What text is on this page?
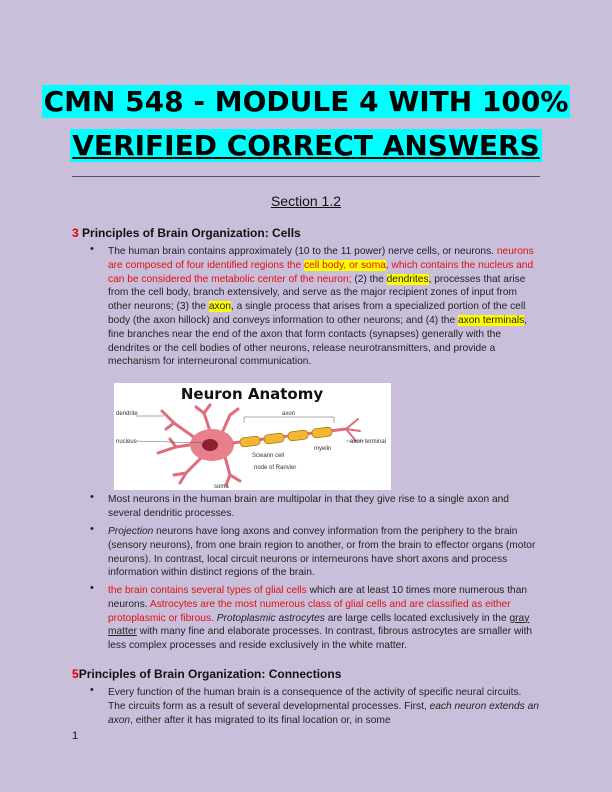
CMN 548 - MODULE 4 WITH 100%
VERIFIED CORRECT ANSWERS
Section 1.2
3 Principles of Brain Organization: Cells
•	The human brain contains approximately (10 to the 11 power) nerve cells, or neurons. neurons are composed of four identified regions the cell body, or soma, which contains the nucleus and can be considered the metabolic center of the neuron; (2) the dendrites, processes that arise from the cell body, branch extensively, and serve as the major recipient zones of input from other neurons; (3) the axon, a single process that arises from a specialized portion of the cell body (the axon hillock) and conveys information to other neurons; and (4) the axon terminals, fine branches near the end of the axon that form contacts (synapses) generally with the dendrites or the cell bodies of other neurons, release neurotransmitters, and provide a mechanism for interneuronal communication.
Neuron Anatomy
dendrite
nucleus
axon
myelin
axon terminal
Scwann cell
node of Ranvier
soma
•	Most neurons in the human brain are multipolar in that they give rise to a single axon and several dendritic processes.
•	Projection neurons have long axons and convey information from the periphery to the brain (sensory neurons), from one brain region to another, or from the brain to effector organs (motor neurons). In contrast, local circuit neurons or interneurons have short axons and process information within distinct regions of the brain.
•	the brain contains several types of glial cells which are at least 10 times more numerous than neurons. Astrocytes are the most numerous class of glial cells and are classified as either protoplasmic or fibrous. Protoplasmic astrocytes are large cells located exclusively in the gray matter with many fine and elaborate processes. In contrast, fibrous astrocytes are smaller with less complex processes and reside exclusively in the white matter.
5Principles of Brain Organization: Connections
•	Every function of the human brain is a consequence of the activity of specific neural circuits. The circuits form as a result of several developmental processes. First, each neuron extends an axon, either after it has migrated to its final location or, in some
1
